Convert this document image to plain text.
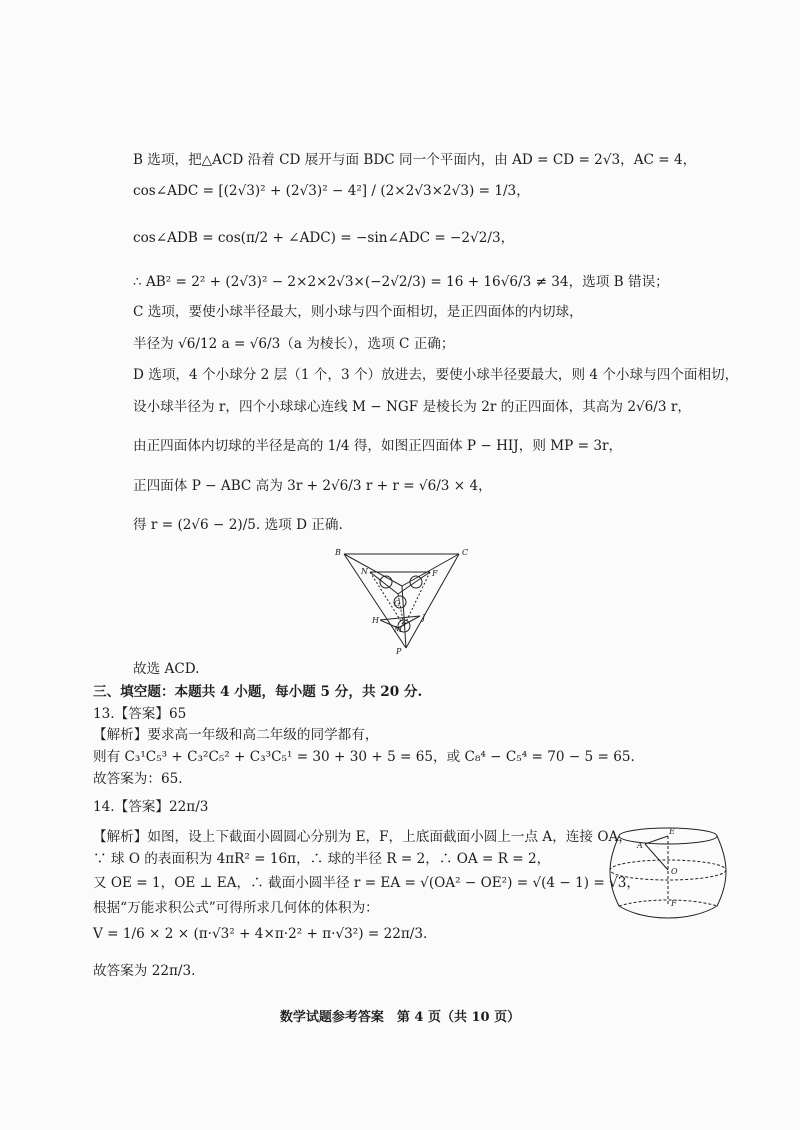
B 选项，把△ACD 沿着 CD 展开与面 BDC 同一个平面内，由 AD = CD = 2√3，AC = 4，
cos∠ADC = [(2√3)² + (2√3)² − 4²] / (2×2√3×2√3) = 1/3，
cos∠ADB = cos(π/2 + ∠ADC) = −sin∠ADC = −2√2/3，
∴ AB² = 2² + (2√3)² − 2×2×2√3×(−2√2/3) = 16 + 16√6/3 ≠ 34，选项 B 错误；
C 选项，要使小球半径最大，则小球与四个面相切，是正四面体的内切球，
半径为 √6/12 a = √6/3（a 为棱长），选项 C 正确；
D 选项，4 个小球分 2 层（1 个，3 个）放进去，要使小球半径要最大，则 4 个小球与四个面相切，
设小球半径为 r，四个小球球心连线 M − NGF 是棱长为 2r 的正四面体，其高为 2√6/3 r，
由正四面体内切球的半径是高的 1/4 得，如图正四面体 P − HIJ，则 MP = 3r，
正四面体 P − ABC 高为 3r + 2√6/3 r + r = √6/3 × 4，
得 r = (2√6 − 2)/5. 选项 D 正确.
B	C
N	F
G
H
M
J
P
故选 ACD.
三、填空题：本题共 4 小题，每小题 5 分，共 20 分.
13.【答案】65
【解析】要求高一年级和高二年级的同学都有，
则有 C₃¹C₅³ + C₃²C₅² + C₃³C₅¹ = 30 + 30 + 5 = 65，或 C₈⁴ − C₅⁴ = 70 − 5 = 65.
故答案为：65.
14.【答案】22π/3
【解析】如图，设上下截面小圆圆心分别为 E，F，上底面截面小圆上一点 A，连接 OA，
∵ 球 O 的表面积为 4πR² = 16π，∴ 球的半径 R = 2，∴ OA = R = 2，
又 OE = 1，OE ⊥ EA，∴ 截面小圆半径 r = EA = √(OA² − OE²) = √(4 − 1) = √3，
根据“万能求积公式”可得所求几何体的体积为：
V = 1/6 × 2 × (π·√3² + 4×π·2² + π·√3²) = 22π/3.
故答案为 22π/3.
E
A
O
F
数学试题参考答案　第 4 页（共 10 页）
